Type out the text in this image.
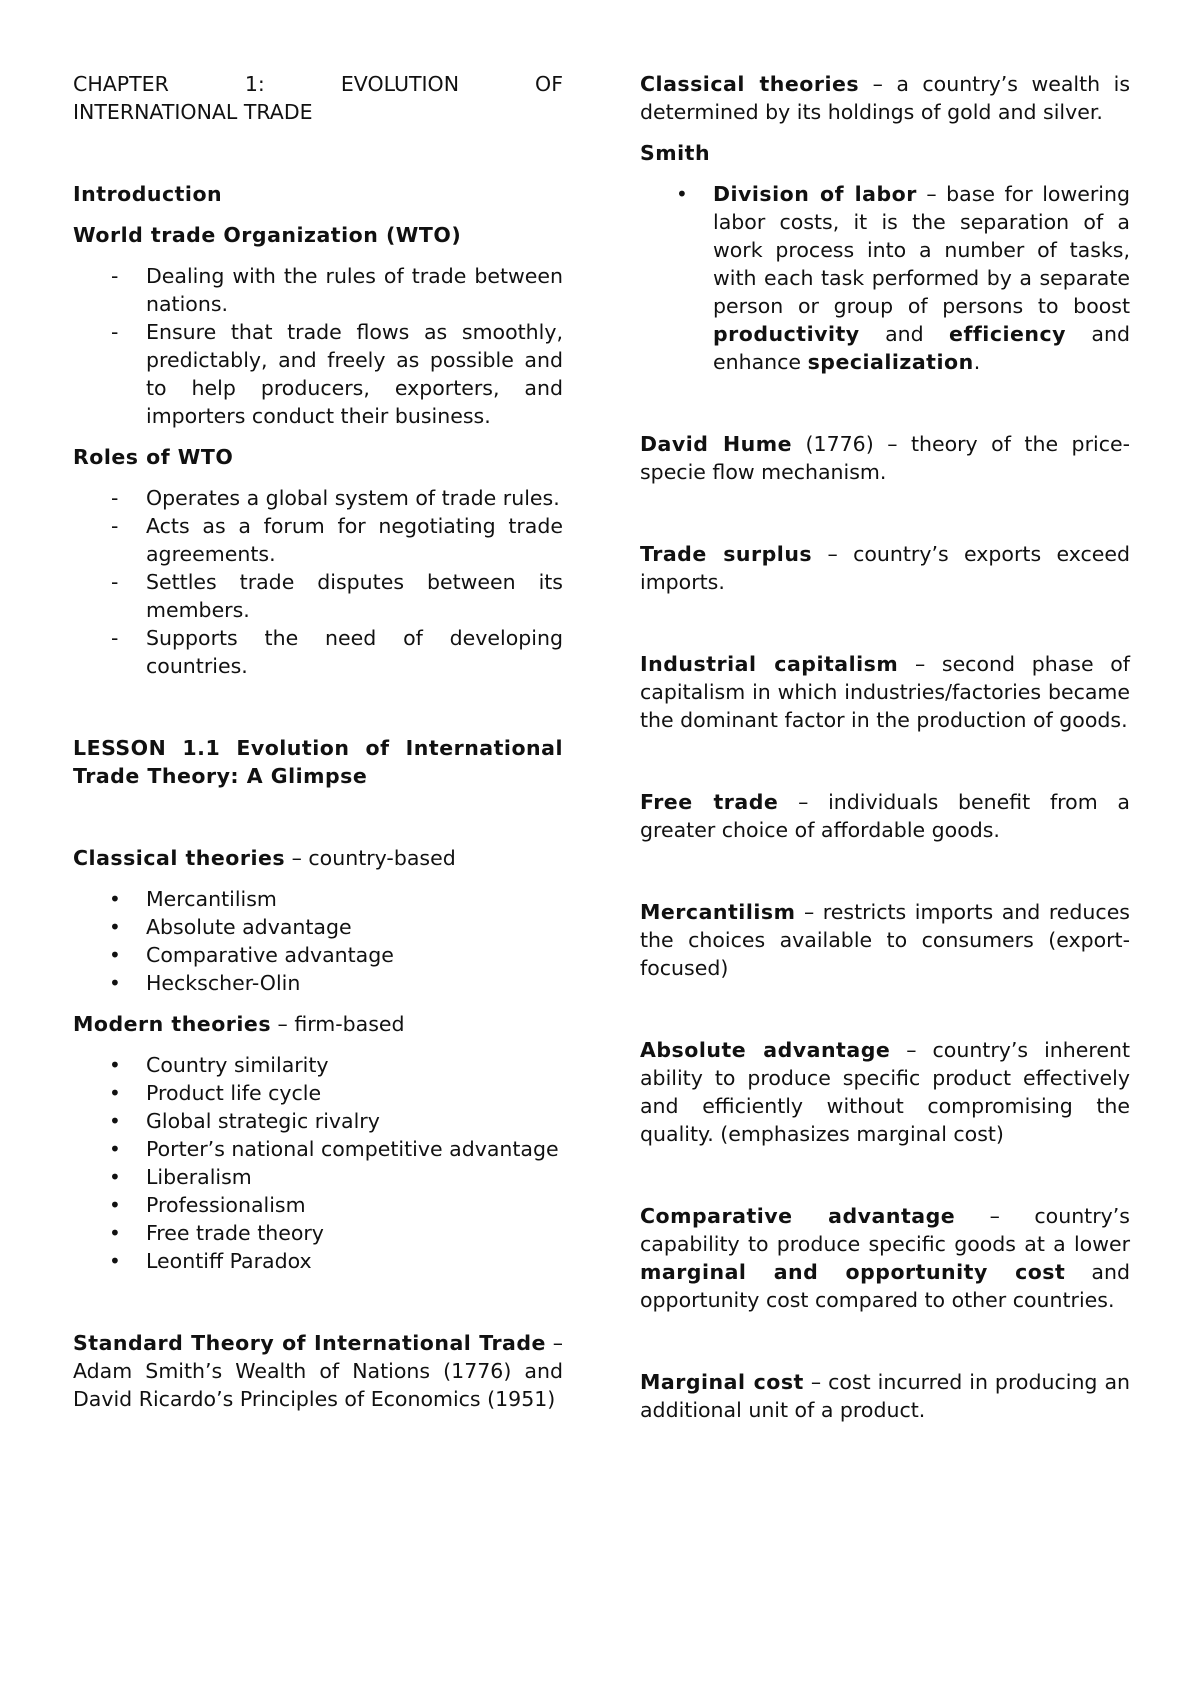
CHAPTER 1: EVOLUTION OF

INTERNATIONAL TRADE

Introduction

World trade Organization (WTO)

- Dealing with the rules of trade between nations.
- Ensure that trade flows as smoothly, predictably, and freely as possible and to help producers, exporters, and importers conduct their business.

Roles of WTO

- Operates a global system of trade rules.
- Acts as a forum for negotiating trade agreements.
- Settles trade disputes between its members.
- Supports the need of developing countries.

LESSON 1.1 Evolution of International Trade Theory: A Glimpse

Classical theories – country-based

• Mercantilism
• Absolute advantage
• Comparative advantage
• Heckscher-Olin

Modern theories – firm-based

• Country similarity
• Product life cycle
• Global strategic rivalry
• Porter’s national competitive advantage
• Liberalism
• Professionalism
• Free trade theory
• Leontiff Paradox

Standard Theory of International Trade – Adam Smith’s Wealth of Nations (1776) and David Ricardo’s Principles of Economics (1951)

Classical theories – a country’s wealth is determined by its holdings of gold and silver.

Smith

• Division of labor – base for lowering labor costs, it is the separation of a work process into a number of tasks, with each task performed by a separate person or group of persons to boost productivity and efficiency and enhance specialization.

David Hume (1776) – theory of the price-specie flow mechanism.

Trade surplus – country’s exports exceed imports.

Industrial capitalism – second phase of capitalism in which industries/factories became the dominant factor in the production of goods.

Free trade – individuals benefit from a greater choice of affordable goods.

Mercantilism – restricts imports and reduces the choices available to consumers (export-focused)

Absolute advantage – country’s inherent ability to produce specific product effectively and efficiently without compromising the quality. (emphasizes marginal cost)

Comparative advantage – country’s capability to produce specific goods at a lower marginal and opportunity cost and opportunity cost compared to other countries.

Marginal cost – cost incurred in producing an additional unit of a product.
